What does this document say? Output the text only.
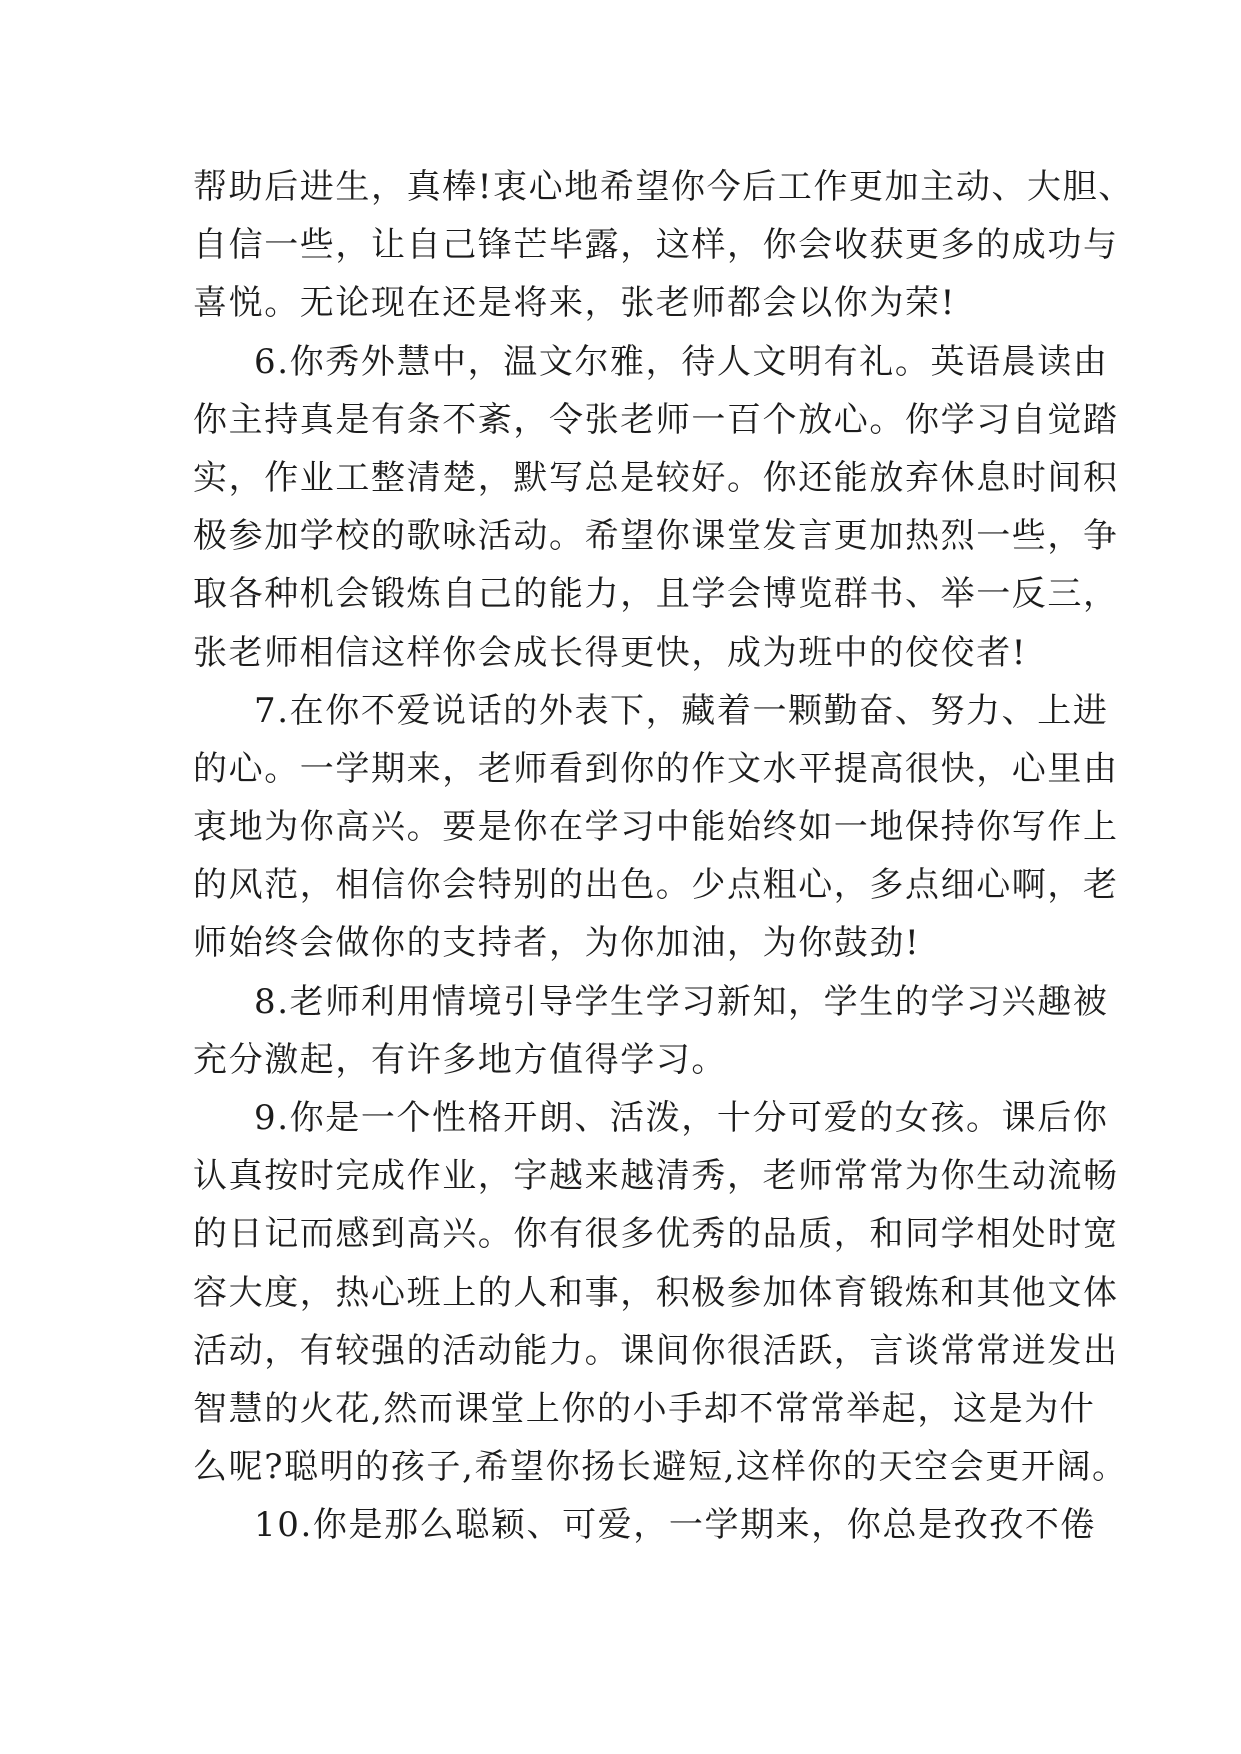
帮助后进生，真棒!衷心地希望你今后工作更加主动、大胆、
自信一些，让自己锋芒毕露，这样，你会收获更多的成功与
喜悦。无论现在还是将来，张老师都会以你为荣!
6.你秀外慧中，温文尔雅，待人文明有礼。英语晨读由
你主持真是有条不紊，令张老师一百个放心。你学习自觉踏
实，作业工整清楚，默写总是较好。你还能放弃休息时间积
极参加学校的歌咏活动。希望你课堂发言更加热烈一些，争
取各种机会锻炼自己的能力，且学会博览群书、举一反三，
张老师相信这样你会成长得更快，成为班中的佼佼者!
7.在你不爱说话的外表下，藏着一颗勤奋、努力、上进
的心。一学期来，老师看到你的作文水平提高很快，心里由
衷地为你高兴。要是你在学习中能始终如一地保持你写作上
的风范，相信你会特别的出色。少点粗心，多点细心啊，老
师始终会做你的支持者，为你加油，为你鼓劲!
8.老师利用情境引导学生学习新知，学生的学习兴趣被
充分激起，有许多地方值得学习。
9.你是一个性格开朗、活泼，十分可爱的女孩。课后你
认真按时完成作业，字越来越清秀，老师常常为你生动流畅
的日记而感到高兴。你有很多优秀的品质，和同学相处时宽
容大度，热心班上的人和事，积极参加体育锻炼和其他文体
活动，有较强的活动能力。课间你很活跃，言谈常常迸发出
智慧的火花,然而课堂上你的小手却不常常举起，这是为什
么呢?聪明的孩子,希望你扬长避短,这样你的天空会更开阔。
10.你是那么聪颖、可爱，一学期来，你总是孜孜不倦
